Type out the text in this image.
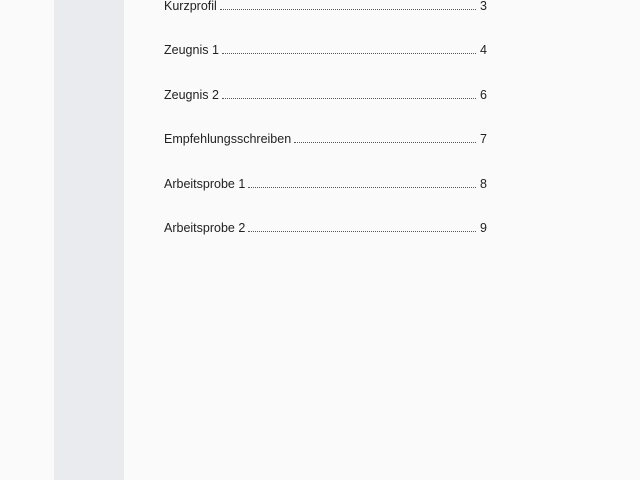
Kurzprofil	3
Zeugnis 1	4
Zeugnis 2	6
Empfehlungsschreiben	7
Arbeitsprobe 1	8
Arbeitsprobe 2	9
